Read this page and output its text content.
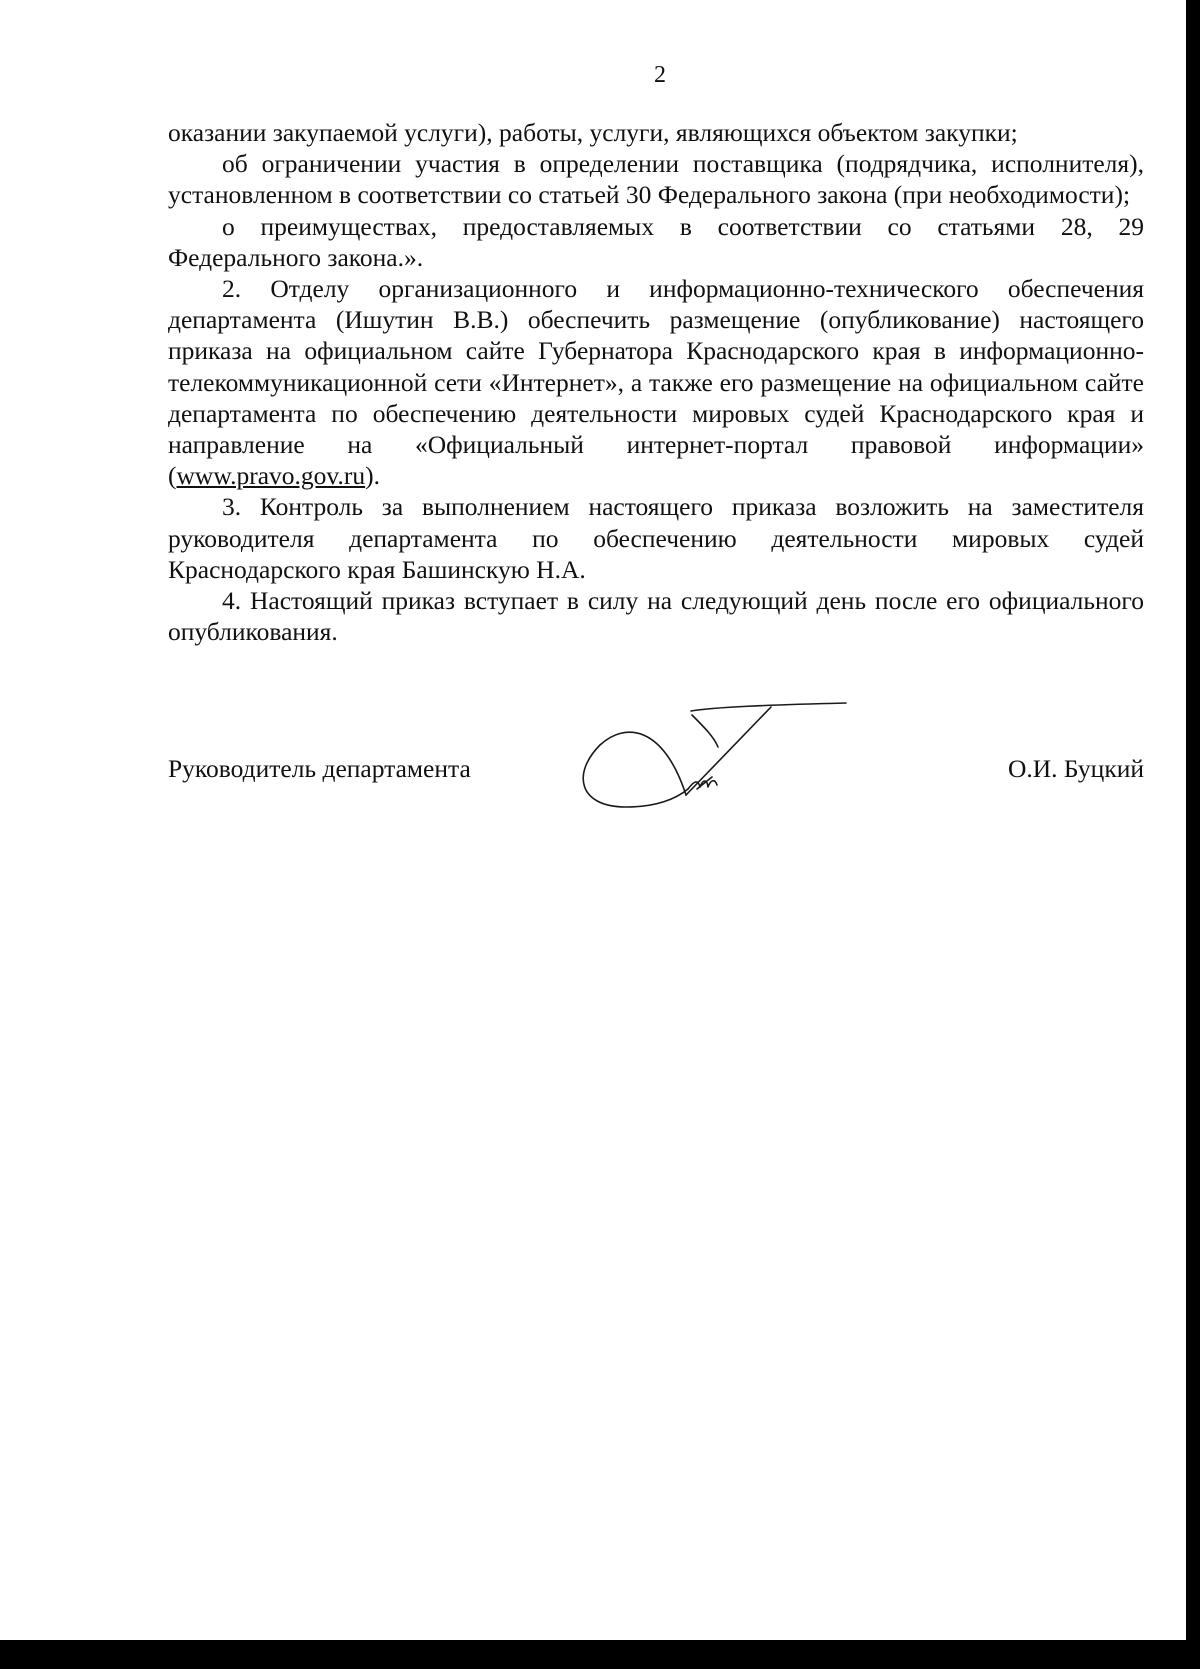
2

оказании закупаемой услуги), работы, услуги, являющихся объектом закупки;

об ограничении участия в определении поставщика (подрядчика, исполнителя), установленном в соответствии со статьей 30 Федерального закона (при необходимости);

о преимуществах, предоставляемых в соответствии со статьями 28, 29 Федерального закона.».

2. Отделу организационного и информационно-технического обеспечения департамента (Ишутин В.В.) обеспечить размещение (опубликование) настоящего приказа на официальном сайте Губернатора Краснодарского края в информационно-телекоммуникационной сети «Интернет», а также его размещение на официальном сайте департамента по обеспечению деятельности мировых судей Краснодарского края и направление на «Официальный интернет-портал правовой информации» (www.pravo.gov.ru).

3. Контроль за выполнением настоящего приказа возложить на заместителя руководителя департамента по обеспечению деятельности мировых судей Краснодарского края Башинскую Н.А.

4. Настоящий приказ вступает в силу на следующий день после его официального опубликования.

Руководитель департамента	О.И. Буцкий
